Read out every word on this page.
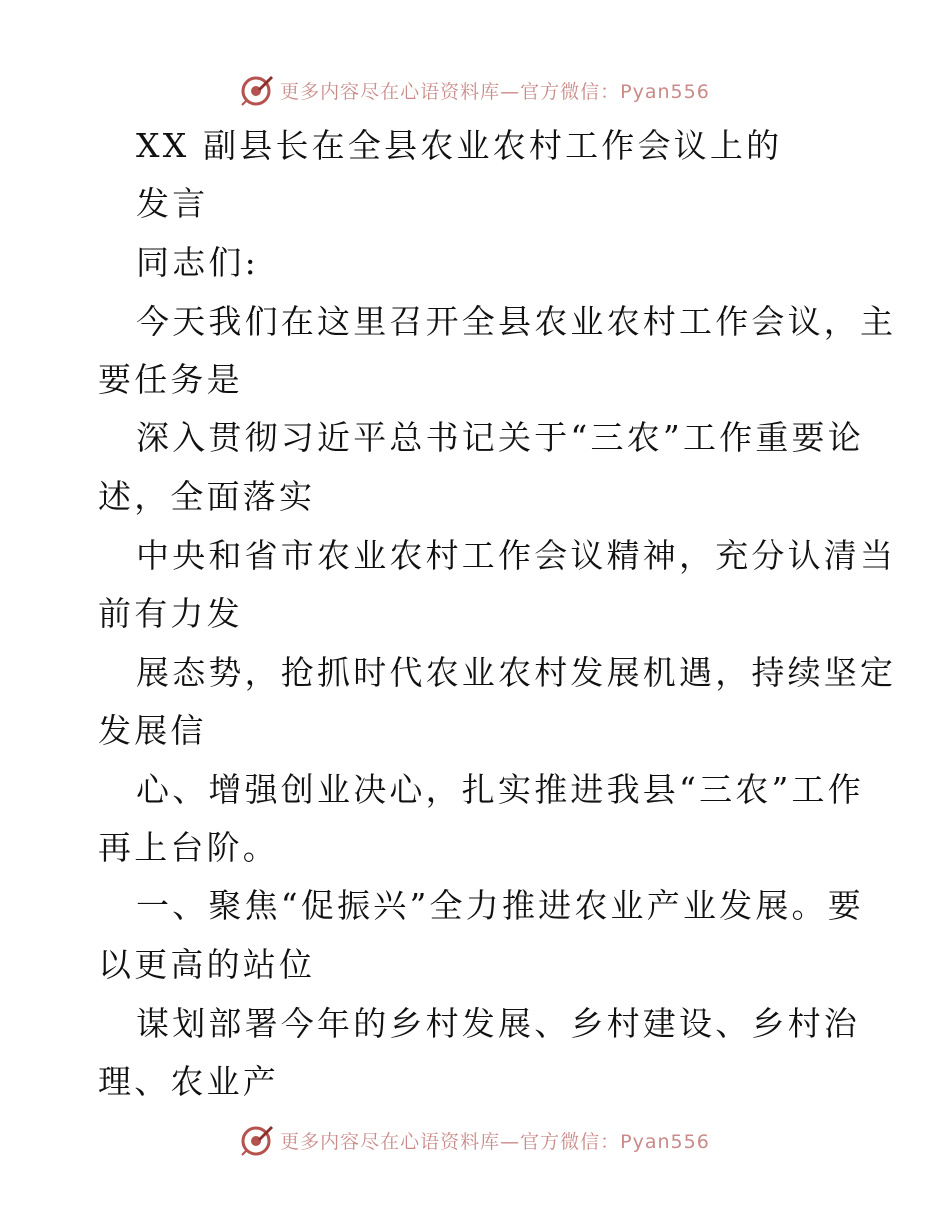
更多内容尽在心语资料库—官方微信：Pyan556
XX 副县长在全县农业农村工作会议上的
发言
同志们:
今天我们在这里召开全县农业农村工作会议，主
要任务是
深入贯彻习近平总书记关于“三农”工作重要论
述，全面落实
中央和省市农业农村工作会议精神，充分认清当
前有力发
展态势，抢抓时代农业农村发展机遇，持续坚定
发展信
心、增强创业决心，扎实推进我县“三农”工作
再上台阶。
一、聚焦“促振兴”全力推进农业产业发展。要
以更高的站位
谋划部署今年的乡村发展、乡村建设、乡村治
理、农业产
更多内容尽在心语资料库—官方微信：Pyan556
